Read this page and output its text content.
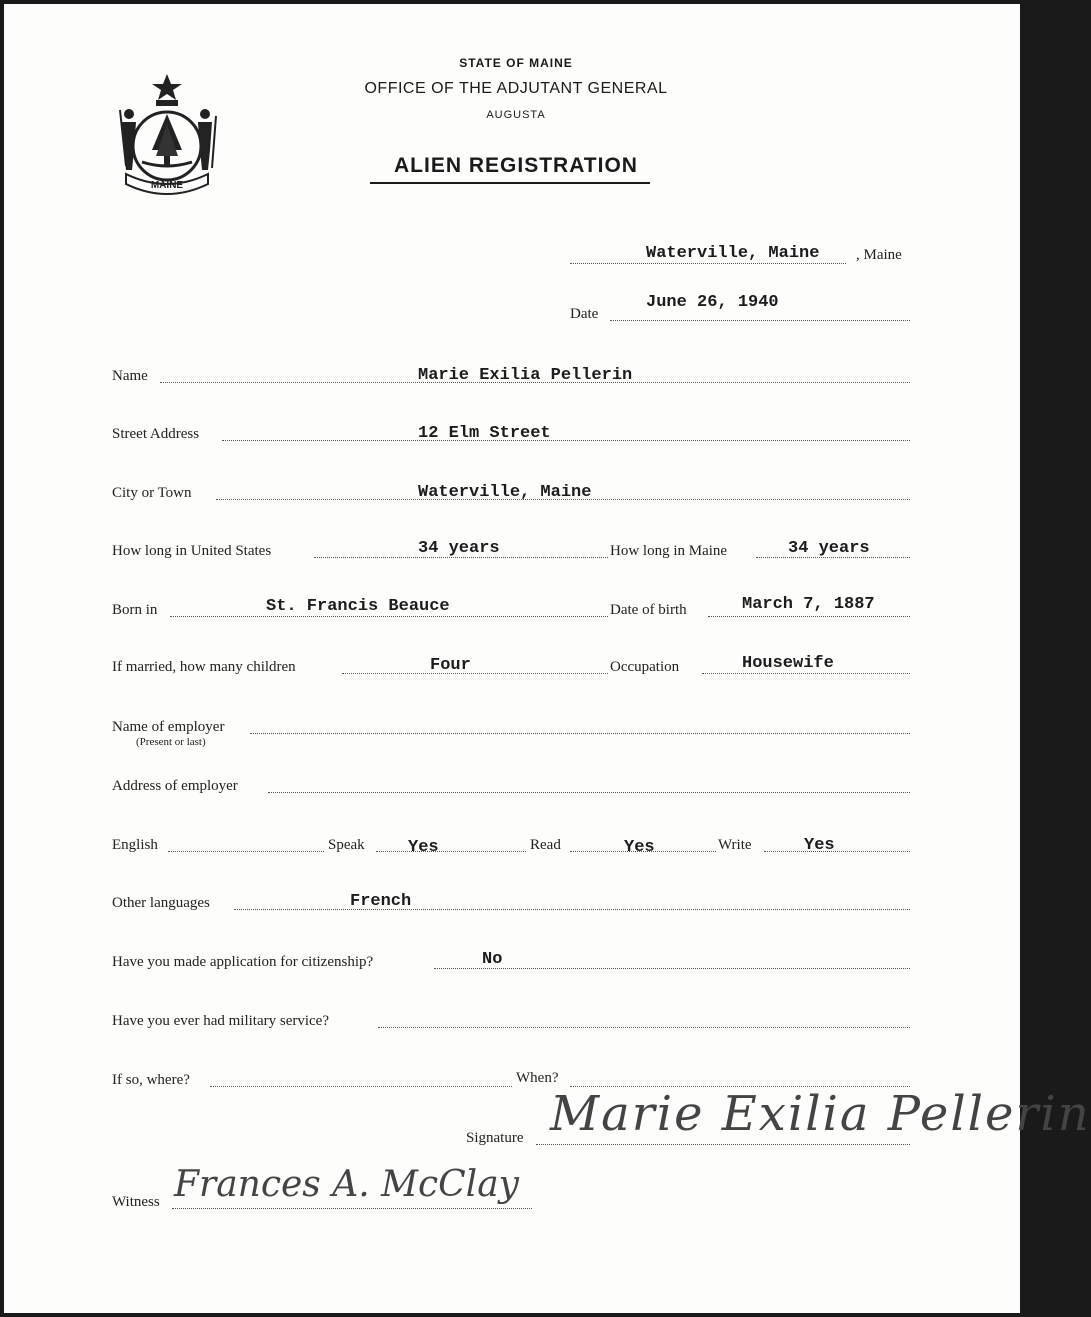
MAINE
STATE OF MAINE
OFFICE OF THE ADJUTANT GENERAL
AUGUSTA
ALIEN REGISTRATION
Waterville, Maine , Maine
Date
June 26, 1940
Name	Marie Exilia Pellerin
Street Address	12 Elm Street
City or Town	Waterville, Maine
How long in United States	34 years	How long in Maine	34 years
Born in	St. Francis Beauce	Date of birth	March 7, 1887
If married, how many children	Four	Occupation	Housewife
Name of employer
(Present or last)
Address of employer
English	Speak	Yes	Read	Yes	Write	Yes
Other languages	French
Have you made application for citizenship?	No
Have you ever had military service?
If so, where?	When?
Signature Marie Exilia Pellerin
Witness Frances A. McClay
